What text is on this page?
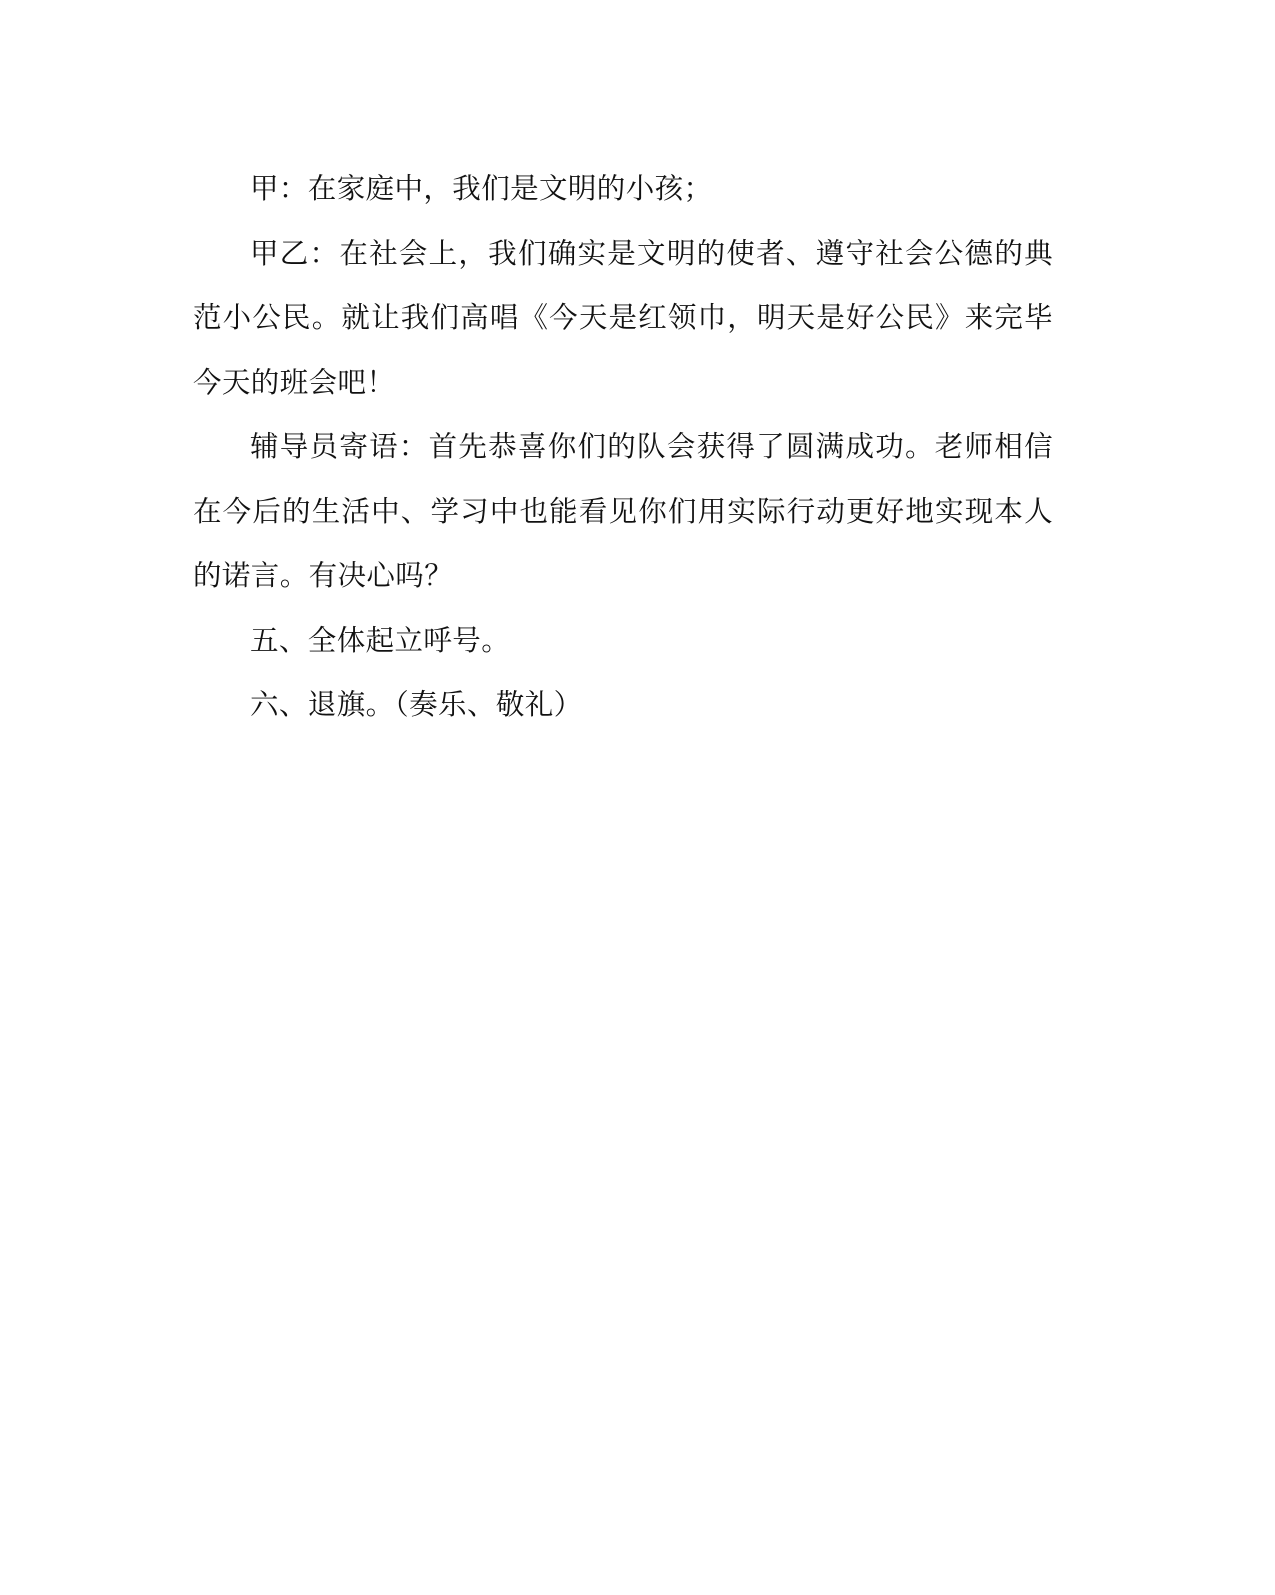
甲：在家庭中，我们是文明的小孩；

甲乙：在社会上，我们确实是文明的使者、遵守社会公德的典范小公民。就让我们高唱《今天是红领巾，明天是好公民》来完毕今天的班会吧！

辅导员寄语：首先恭喜你们的队会获得了圆满成功。老师相信在今后的生活中、学习中也能看见你们用实际行动更好地实现本人的诺言。有决心吗？

五、全体起立呼号。

六、退旗。（奏乐、敬礼）
